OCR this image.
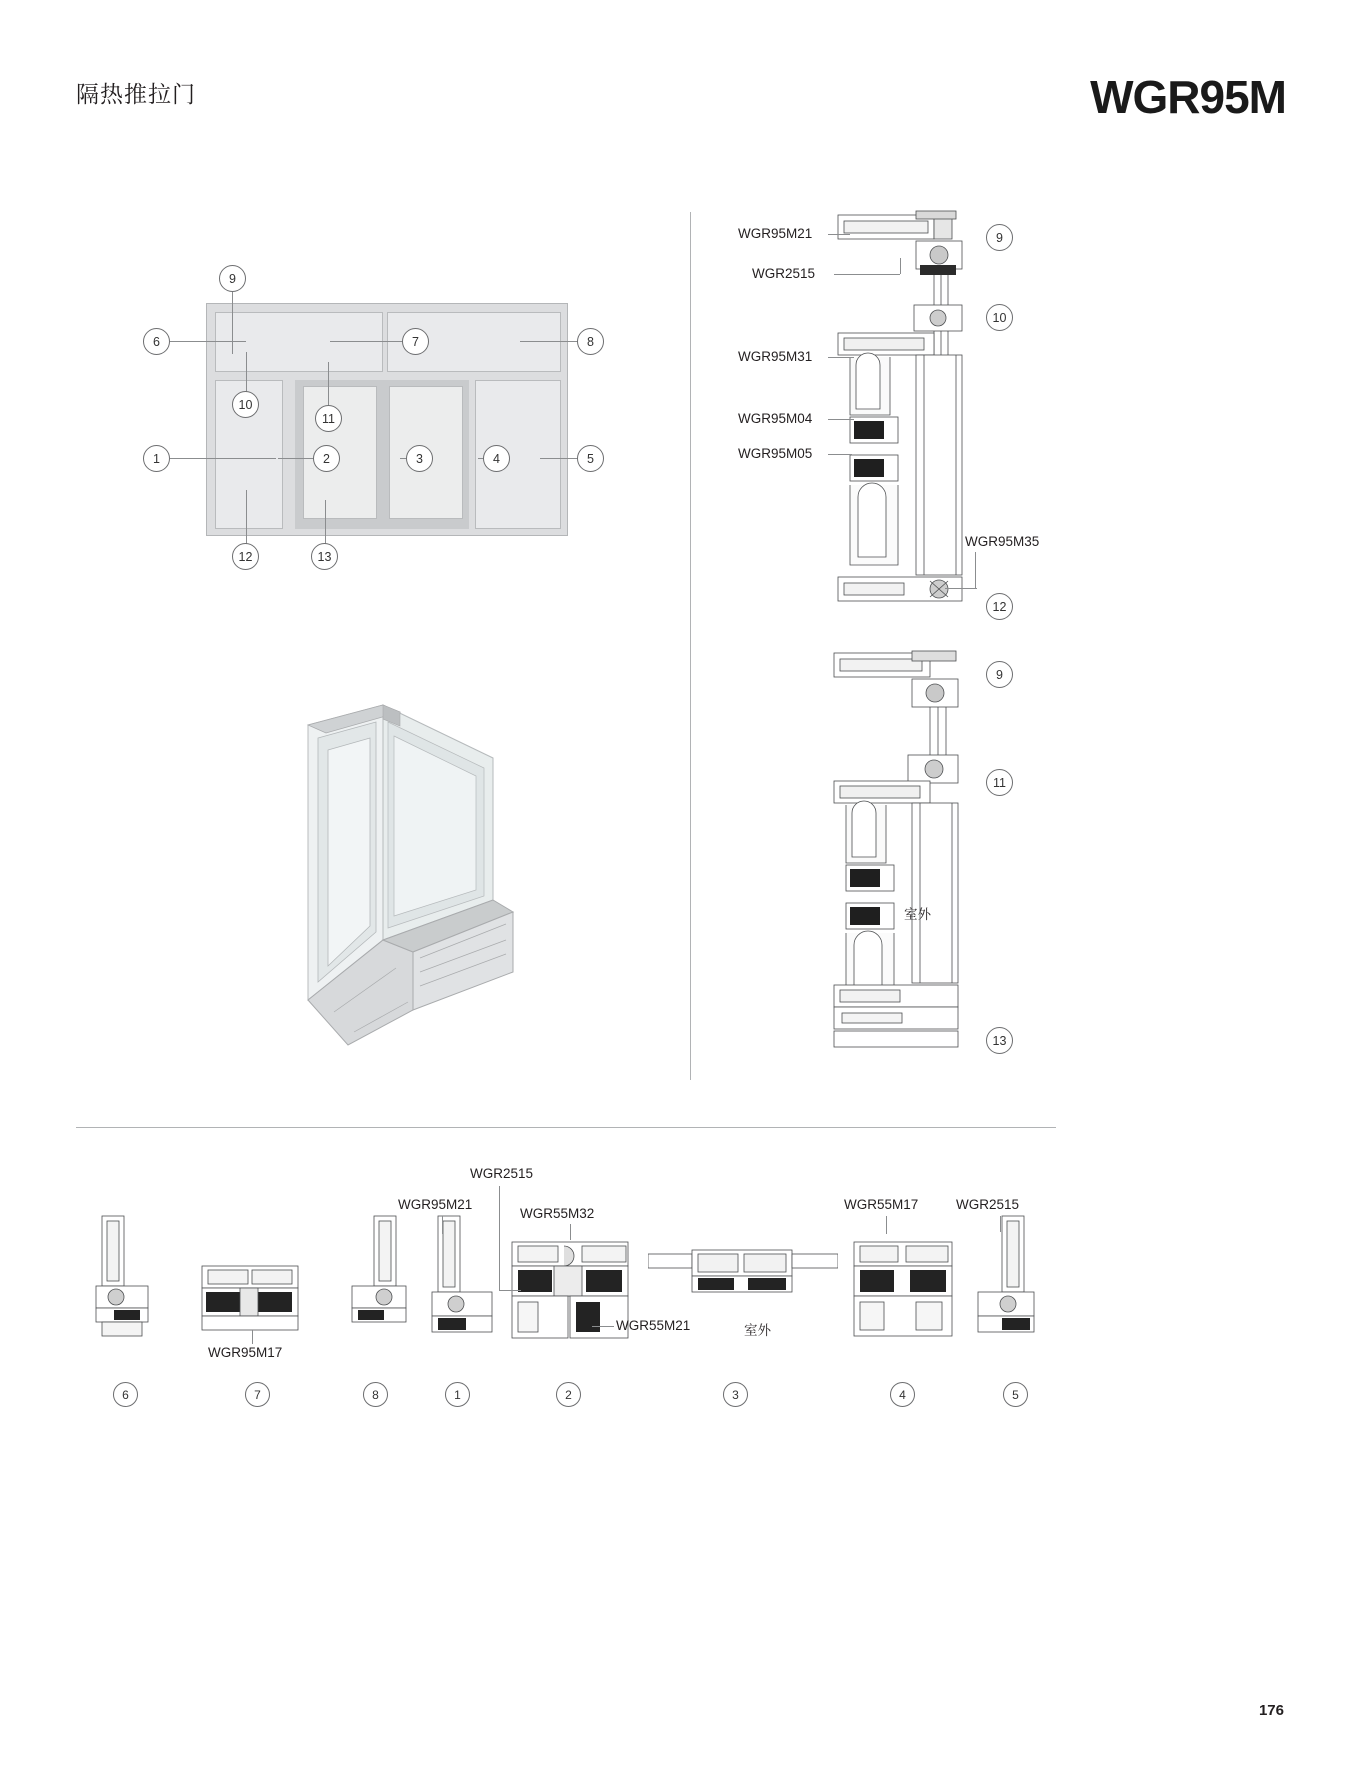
隔热推拉门	WGR95M
9
6	7	8
10
11
1	2	3	4	5
12	13
WGR95M21
WGR2515
WGR95M31
WGR95M04
WGR95M05
WGR95M35
室外
9
10
12
9
11
13
6
WGR95M17
7	8
WGR95M21
1
WGR2515
WGR55M32
WGR55M21
2
室外
3
WGR55M17
4
WGR2515
5
176
